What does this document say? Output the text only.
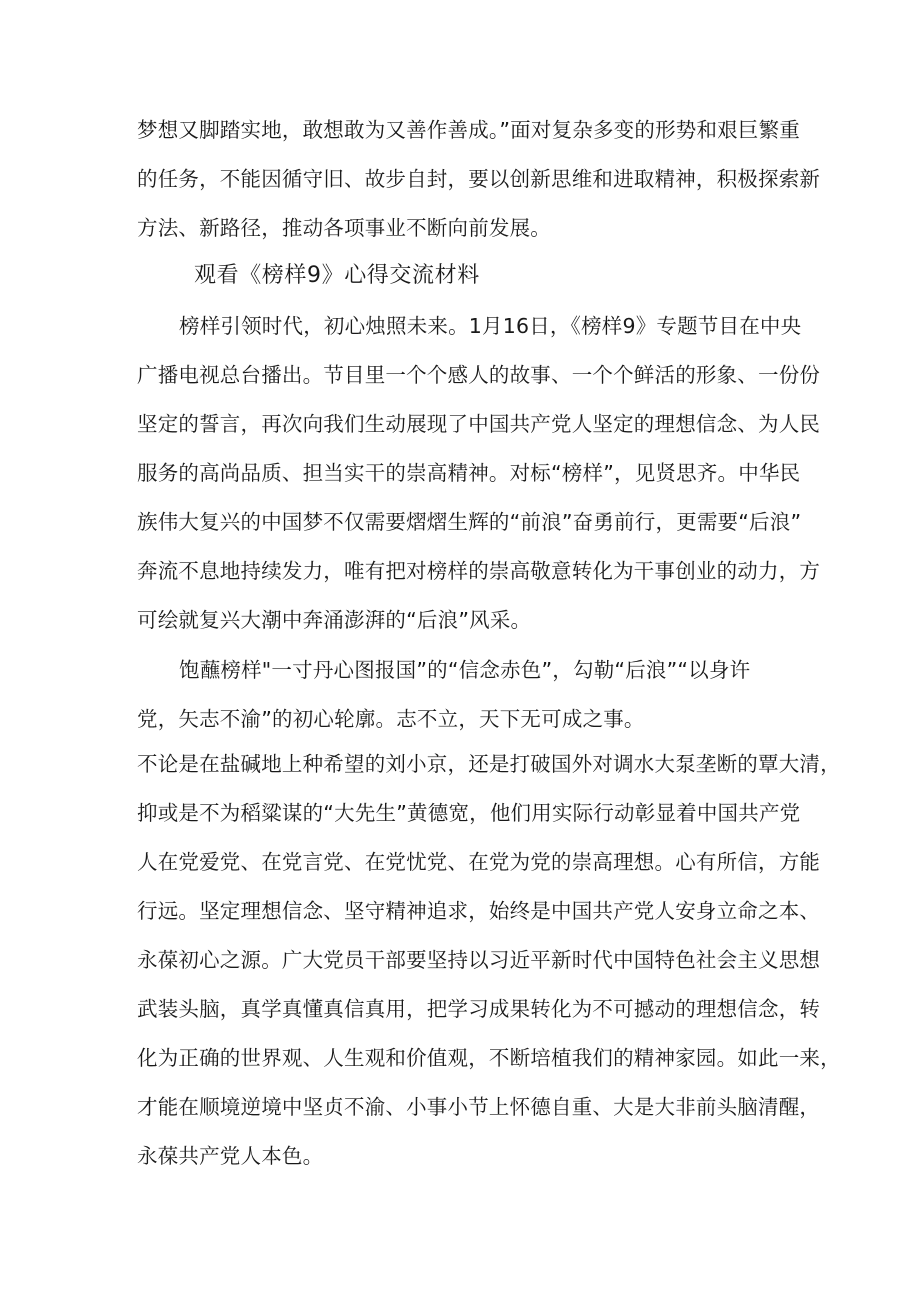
梦想又脚踏实地，敢想敢为又善作善成。”面对复杂多变的形势和艰巨繁重
的任务，不能因循守旧、故步自封，要以创新思维和进取精神，积极探索新
方法、新路径，推动各项事业不断向前发展。
观看《榜样9》心得交流材料
榜样引领时代，初心烛照未来。1月16日，《榜样9》专题节目在中央
广播电视总台播出。节目里一个个感人的故事、一个个鲜活的形象、一份份
坚定的誓言，再次向我们生动展现了中国共产党人坚定的理想信念、为人民
服务的高尚品质、担当实干的崇高精神。对标“榜样”，见贤思齐。中华民
族伟大复兴的中国梦不仅需要熠熠生辉的“前浪”奋勇前行，更需要“后浪”
奔流不息地持续发力，唯有把对榜样的崇高敬意转化为干事创业的动力，方
可绘就复兴大潮中奔涌澎湃的“后浪”风采。
饱蘸榜样"一寸丹心图报国”的“信念赤色”，勾勒“后浪”“以身许
党，矢志不渝”的初心轮廓。志不立，天下无可成之事。
不论是在盐碱地上种希望的刘小京，还是打破国外对调水大泵垄断的覃大清，
抑或是不为稻粱谋的“大先生”黄德宽，他们用实际行动彰显着中国共产党
人在党爱党、在党言党、在党忧党、在党为党的崇高理想。心有所信，方能
行远。坚定理想信念、坚守精神追求，始终是中国共产党人安身立命之本、
永葆初心之源。广大党员干部要坚持以习近平新时代中国特色社会主义思想
武装头脑，真学真懂真信真用，把学习成果转化为不可撼动的理想信念，转
化为正确的世界观、人生观和价值观，不断培植我们的精神家园。如此一来，
才能在顺境逆境中坚贞不渝、小事小节上怀德自重、大是大非前头脑清醒，
永葆共产党人本色。
